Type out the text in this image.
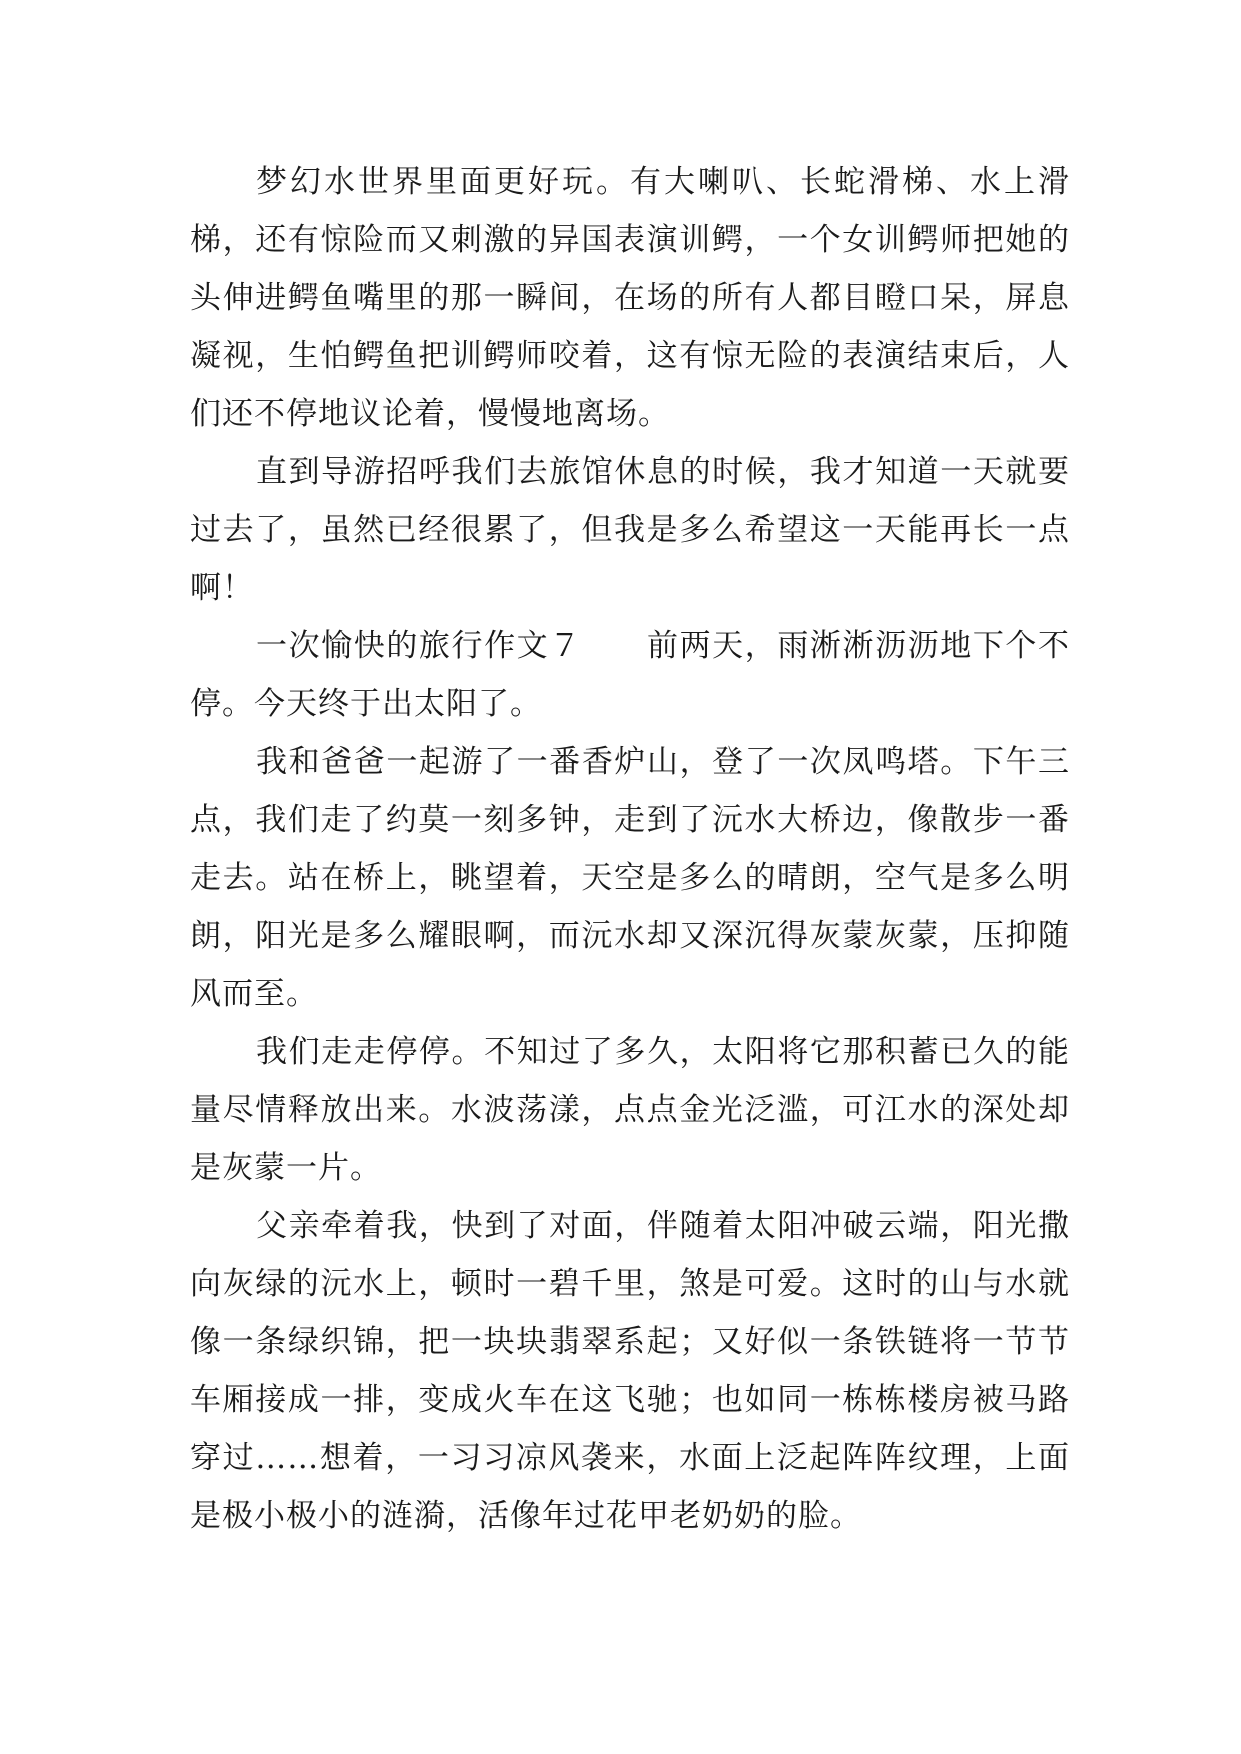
梦幻水世界里面更好玩。有大喇叭、长蛇滑梯、水上滑梯，还有惊险而又刺激的异国表演训鳄，一个女训鳄师把她的头伸进鳄鱼嘴里的那一瞬间，在场的所有人都目瞪口呆，屏息凝视，生怕鳄鱼把训鳄师咬着，这有惊无险的表演结束后，人们还不停地议论着，慢慢地离场。

直到导游招呼我们去旅馆休息的时候，我才知道一天就要过去了，虽然已经很累了，但我是多么希望这一天能再长一点啊！

一次愉快的旅行作文７　　前两天，雨淅淅沥沥地下个不停。今天终于出太阳了。

我和爸爸一起游了一番香炉山，登了一次凤鸣塔。下午三点，我们走了约莫一刻多钟，走到了沅水大桥边，像散步一番走去。站在桥上，眺望着，天空是多么的晴朗，空气是多么明朗，阳光是多么耀眼啊，而沅水却又深沉得灰蒙灰蒙，压抑随风而至。

我们走走停停。不知过了多久，太阳将它那积蓄已久的能量尽情释放出来。水波荡漾，点点金光泛滥，可江水的深处却是灰蒙一片。

父亲牵着我，快到了对面，伴随着太阳冲破云端，阳光撒向灰绿的沅水上，顿时一碧千里，煞是可爱。这时的山与水就像一条绿织锦，把一块块翡翠系起；又好似一条铁链将一节节车厢接成一排，变成火车在这飞驰；也如同一栋栋楼房被马路穿过……想着，一习习凉风袭来，水面上泛起阵阵纹理，上面是极小极小的涟漪，活像年过花甲老奶奶的脸。
